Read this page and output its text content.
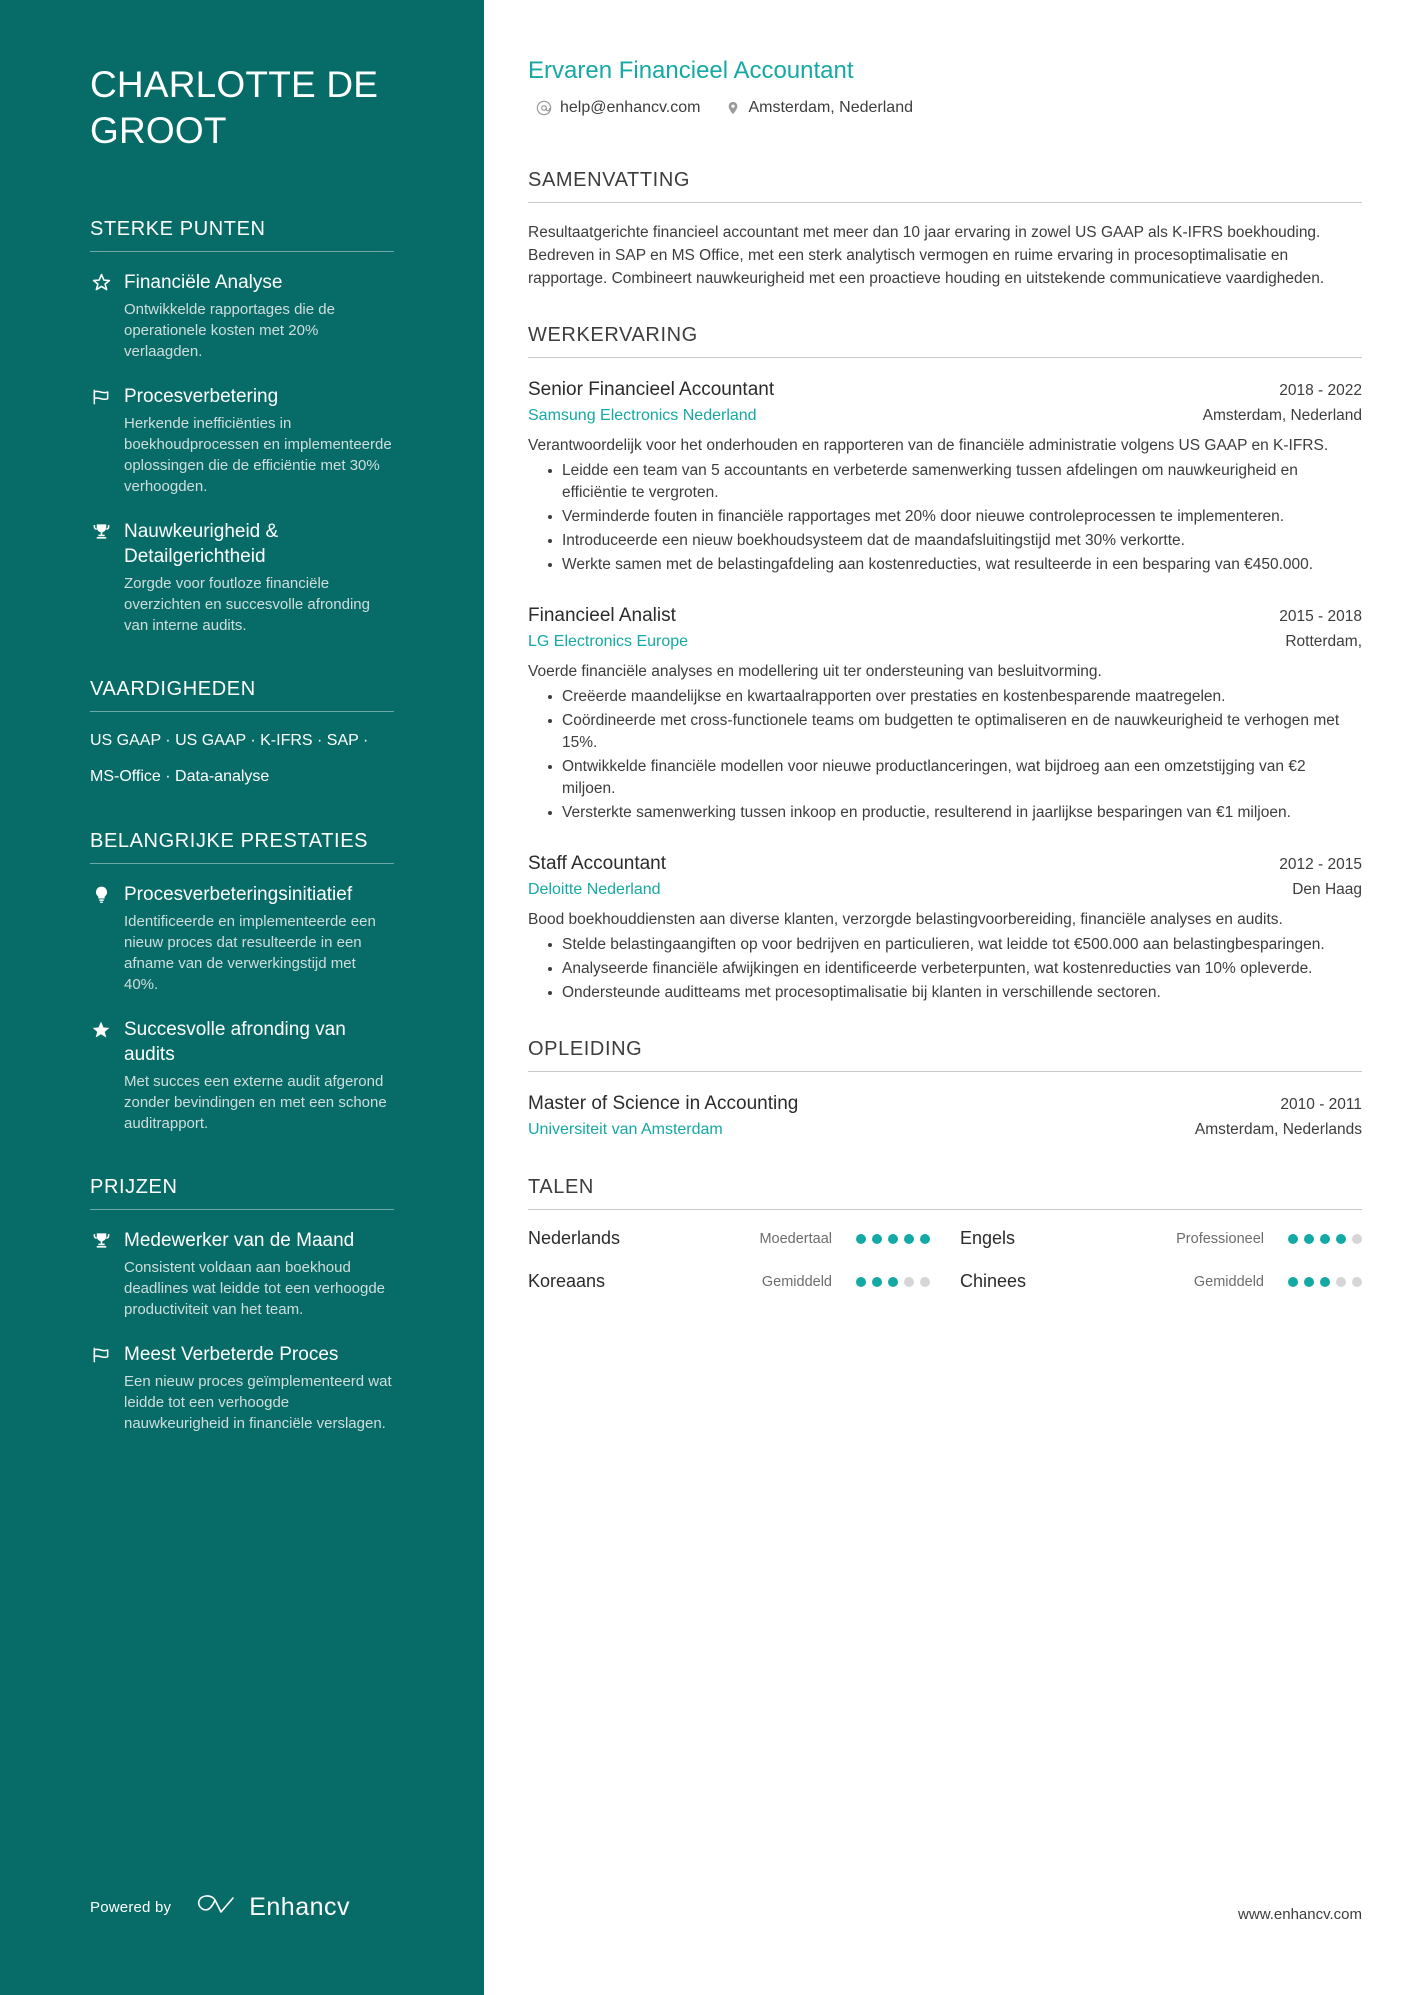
CHARLOTTE DE GROOT
STERKE PUNTEN
Financiële Analyse
Ontwikkelde rapportages die de operationele kosten met 20% verlaagden.
Procesverbetering
Herkende inefficiënties in boekhoudprocessen en implementeerde oplossingen die de efficiëntie met 30% verhoogden.
Nauwkeurigheid & Detailgerichtheid
Zorgde voor foutloze financiële overzichten en succesvolle afronding van interne audits.
VAARDIGHEDEN
US GAAP · US GAAP · K-IFRS · SAP ·
MS-Office · Data-analyse
BELANGRIJKE PRESTATIES
Procesverbeteringsinitiatief
Identificeerde en implementeerde een nieuw proces dat resulteerde in een afname van de verwerkingstijd met 40%.
Succesvolle afronding van audits
Met succes een externe audit afgerond zonder bevindingen en met een schone auditrapport.
PRIJZEN
Medewerker van de Maand
Consistent voldaan aan boekhoud deadlines wat leidde tot een verhoogde productiviteit van het team.
Meest Verbeterde Proces
Een nieuw proces geïmplementeerd wat leidde tot een verhoogde nauwkeurigheid in financiële verslagen.
Powered by	Enhancv
Ervaren Financieel Accountant
help@enhancv.com	Amsterdam, Nederland
SAMENVATTING

Resultaatgerichte financieel accountant met meer dan 10 jaar ervaring in zowel US GAAP als K-IFRS boekhouding. Bedreven in SAP en MS Office, met een sterk analytisch vermogen en ruime ervaring in procesoptimalisatie en rapportage. Combineert nauwkeurigheid met een proactieve houding en uitstekende communicatieve vaardigheden.

WERKERVARING
Senior Financieel Accountant	2018 - 2022
Samsung Electronics Nederland	Amsterdam, Nederland

Verantwoordelijk voor het onderhouden en rapporteren van de financiële administratie volgens US GAAP en K-IFRS.

Leidde een team van 5 accountants en verbeterde samenwerking tussen afdelingen om nauwkeurigheid en efficiëntie te vergroten.
Verminderde fouten in financiële rapportages met 20% door nieuwe controleprocessen te implementeren.
Introduceerde een nieuw boekhoudsysteem dat de maandafsluitingstijd met 30% verkortte.
Werkte samen met de belastingafdeling aan kostenreducties, wat resulteerde in een besparing van €450.000.
Financieel Analist	2015 - 2018
LG Electronics Europe	Rotterdam,

Voerde financiële analyses en modellering uit ter ondersteuning van besluitvorming.

Creëerde maandelijkse en kwartaalrapporten over prestaties en kostenbesparende maatregelen.
Coördineerde met cross-functionele teams om budgetten te optimaliseren en de nauwkeurigheid te verhogen met 15%.
Ontwikkelde financiële modellen voor nieuwe productlanceringen, wat bijdroeg aan een omzetstijging van €2 miljoen.
Versterkte samenwerking tussen inkoop en productie, resulterend in jaarlijkse besparingen van €1 miljoen.
Staff Accountant	2012 - 2015
Deloitte Nederland	Den Haag

Bood boekhouddiensten aan diverse klanten, verzorgde belastingvoorbereiding, financiële analyses en audits.

Stelde belastingaangiften op voor bedrijven en particulieren, wat leidde tot €500.000 aan belastingbesparingen.
Analyseerde financiële afwijkingen en identificeerde verbeterpunten, wat kostenreducties van 10% opleverde.
Ondersteunde auditteams met procesoptimalisatie bij klanten in verschillende sectoren.
OPLEIDING
Master of Science in Accounting	2010 - 2011
Universiteit van Amsterdam	Amsterdam, Nederlands
TALEN
Nederlands	Moedertaal	Engels	Professioneel
Koreaans	Gemiddeld	Chinees	Gemiddeld
www.enhancv.com
